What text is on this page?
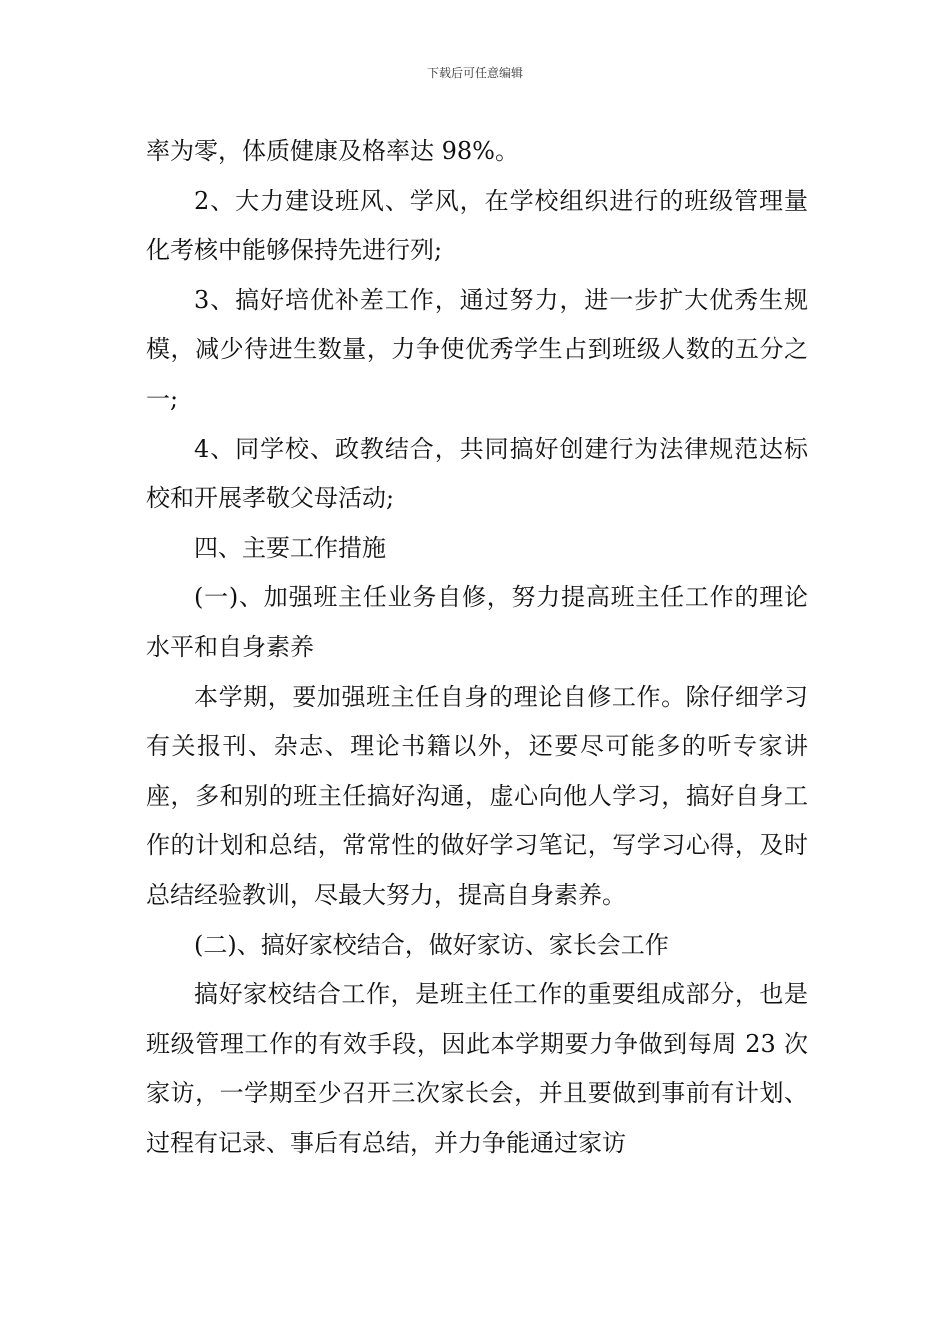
下载后可任意编辑

率为零，体质健康及格率达 98%。

2、大力建设班风、学风，在学校组织进行的班级管理量化考核中能够保持先进行列;

3、搞好培优补差工作，通过努力，进一步扩大优秀生规模，减少待进生数量，力争使优秀学生占到班级人数的五分之一;

4、同学校、政教结合，共同搞好创建行为法律规范达标校和开展孝敬父母活动;

四、主要工作措施

(一)、加强班主任业务自修，努力提高班主任工作的理论水平和自身素养

本学期，要加强班主任自身的理论自修工作。除仔细学习有关报刊、杂志、理论书籍以外，还要尽可能多的听专家讲座，多和别的班主任搞好沟通，虚心向他人学习，搞好自身工作的计划和总结，常常性的做好学习笔记，写学习心得，及时总结经验教训，尽最大努力，提高自身素养。

(二)、搞好家校结合，做好家访、家长会工作

搞好家校结合工作，是班主任工作的重要组成部分，也是班级管理工作的有效手段，因此本学期要力争做到每周 23 次家访，一学期至少召开三次家长会，并且要做到事前有计划、过程有记录、事后有总结，并力争能通过家访
